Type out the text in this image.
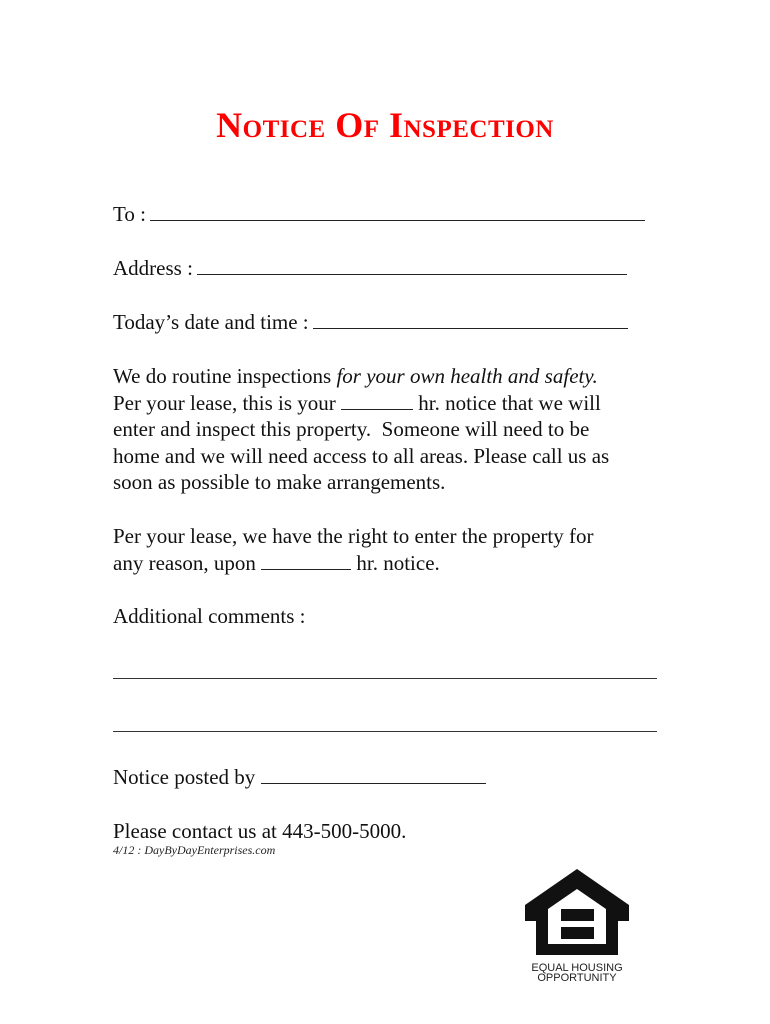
Notice Of Inspection
To :
Address :
Today’s date and time :
We do routine inspections for your own health and safety.
Per your lease, this is your	hr. notice that we will
enter and inspect this property.  Someone will need to be
home and we will need access to all areas. Please call us as
soon as possible to make arrangements.
Per your lease, we have the right to enter the property for
any reason, upon	hr. notice.
Additional comments :
Notice posted by
Please contact us at 443-500-5000.
4/12 : DayByDayEnterprises.com
EQUAL HOUSING
OPPORTUNITY
